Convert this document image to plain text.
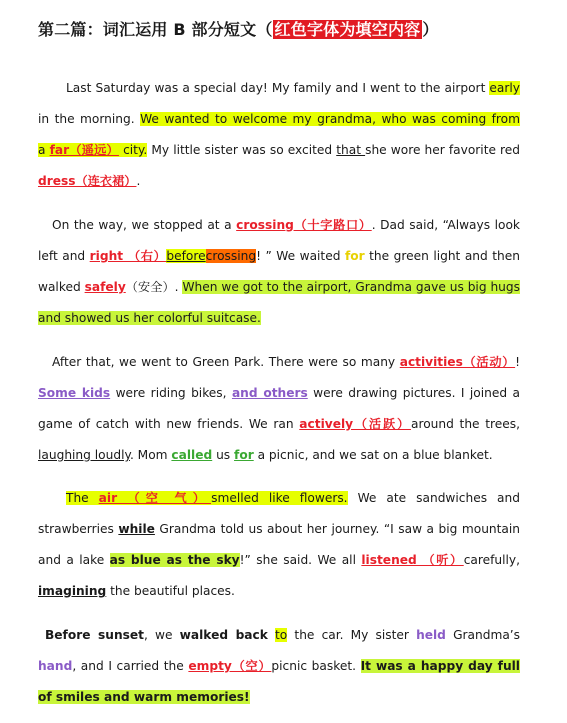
第二篇：词汇运用 B 部分短文（ 红色字体为填空内容 ）
Last Saturday was a special day! My family and I went to the airport early in the morning. We wanted to welcome my grandma, who was coming from a far（遥远） city. My little sister was so excited that she wore her favorite red dress（连衣裙）.
On the way, we stopped at a crossing（十字路口）. Dad said, “Always look left and right （右）beforecrossing! ” We waited for the green light and then walked safely（安全）. When we got to the airport, Grandma gave us big hugs and showed us her colorful suitcase.
After that, we went to Green Park. There were so many activities（活动）! Some kids were riding bikes, and others were drawing pictures. I joined a game of catch with new friends. We ran actively（活跃）around the trees, laughing loudly. Mom called us for a picnic, and we sat on a blue blanket.
The air （空 气）smelled like flowers. We ate sandwiches and strawberries while Grandma told us about her journey. “I saw a big mountain and a lake as blue as the sky!” she said. We all listened （听）carefully, imagining the beautiful places.
Before sunset, we walked back to the car. My sister held Grandma’s hand, and I carried the empty（空）picnic basket. It was a happy day full of smiles and warm memories!
